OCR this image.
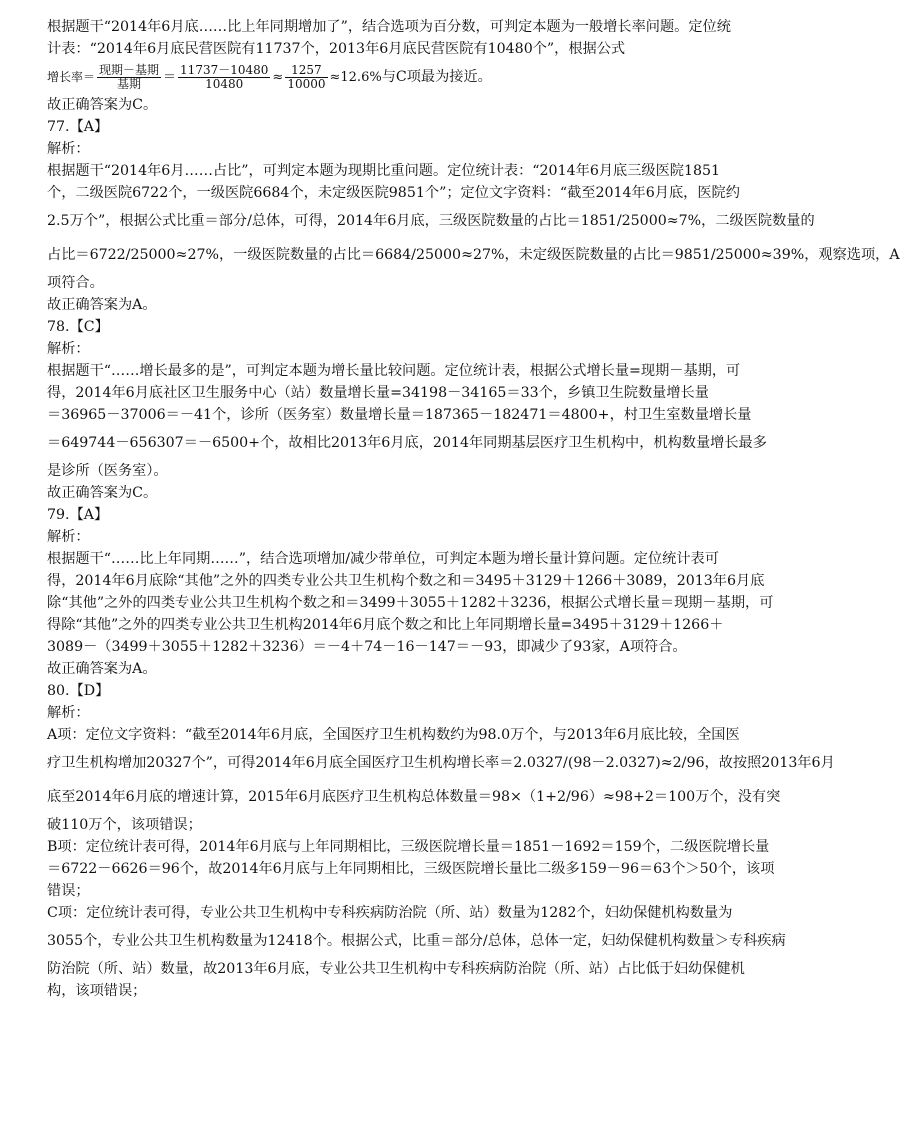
根据题干“2014年6月底……比上年同期增加了”，结合选项为百分数，可判定本题为一般增长率问题。定位统
计表：“2014年6月底民营医院有11737个，2013年6月底民营医院有10480个”，根据公式
增长率＝ $\frac{\text{现期－基期}}{\text{基期}} = \frac{11737-10480}{10480} \approx \frac{1257}{10000} \approx 12.6\%$与C项最为接近。
故正确答案为C。
77.【A】
解析：
根据题干“2014年6月……占比”，可判定本题为现期比重问题。定位统计表：“2014年6月底三级医院1851
个，二级医院6722个，一级医院6684个，未定级医院9851个”；定位文字资料：“截至2014年6月底，医院约
2.5万个”，根据公式比重＝部分/总体，可得，2014年6月底，三级医院数量的占比＝1851/25000≈7%，二级医院数量的
占比＝6722/25000≈27%，一级医院数量的占比＝6684/25000≈27%，未定级医院数量的占比＝9851/25000≈39%，观察选项，A
项符合。
故正确答案为A。
78.【C】
解析：
根据题干“……增长最多的是”，可判定本题为增长量比较问题。定位统计表，根据公式增长量=现期－基期，可
得，2014年6月底社区卫生服务中心（站）数量增长量=34198－34165＝33个，乡镇卫生院数量增长量
＝36965－37006＝－41个，诊所（医务室）数量增长量＝187365－182471＝4800+，村卫生室数量增长量
＝649744－656307＝－6500+个，故相比2013年6月底，2014年同期基层医疗卫生机构中，机构数量增长最多
是诊所（医务室）。
故正确答案为C。
79.【A】
解析：
根据题干“……比上年同期……”，结合选项增加/减少带单位，可判定本题为增长量计算问题。定位统计表可
得，2014年6月底除“其他”之外的四类专业公共卫生机构个数之和＝3495＋3129＋1266＋3089，2013年6月底
除“其他”之外的四类专业公共卫生机构个数之和＝3499＋3055＋1282＋3236，根据公式增长量＝现期－基期，可
得除“其他”之外的四类专业公共卫生机构2014年6月底个数之和比上年同期增长量=3495＋3129＋1266＋
3089－（3499＋3055＋1282＋3236）＝－4＋74－16－147＝－93，即减少了93家，A项符合。
故正确答案为A。
80.【D】
解析：
A项：定位文字资料：“截至2014年6月底，全国医疗卫生机构数约为98.0万个，与2013年6月底比较，全国医
疗卫生机构增加20327个”，可得2014年6月底全国医疗卫生机构增长率＝2.0327/(98－2.0327)≈2/96，故按照2013年6月
底至2014年6月底的增速计算，2015年6月底医疗卫生机构总体数量＝98×（1+2/96）≈98+2＝100万个，没有突
破110万个，该项错误；
B项：定位统计表可得，2014年6月底与上年同期相比，三级医院增长量＝1851－1692＝159个，二级医院增长量
＝6722－6626＝96个，故2014年6月底与上年同期相比，三级医院增长量比二级多159－96＝63个＞50个，该项
错误；
C项：定位统计表可得，专业公共卫生机构中专科疾病防治院（所、站）数量为1282个，妇幼保健机构数量为
3055个，专业公共卫生机构数量为12418个。根据公式，比重＝部分/总体，总体一定，妇幼保健机构数量＞专科疾病
防治院（所、站）数量，故2013年6月底，专业公共卫生机构中专科疾病防治院（所、站）占比低于妇幼保健机
构，该项错误；
